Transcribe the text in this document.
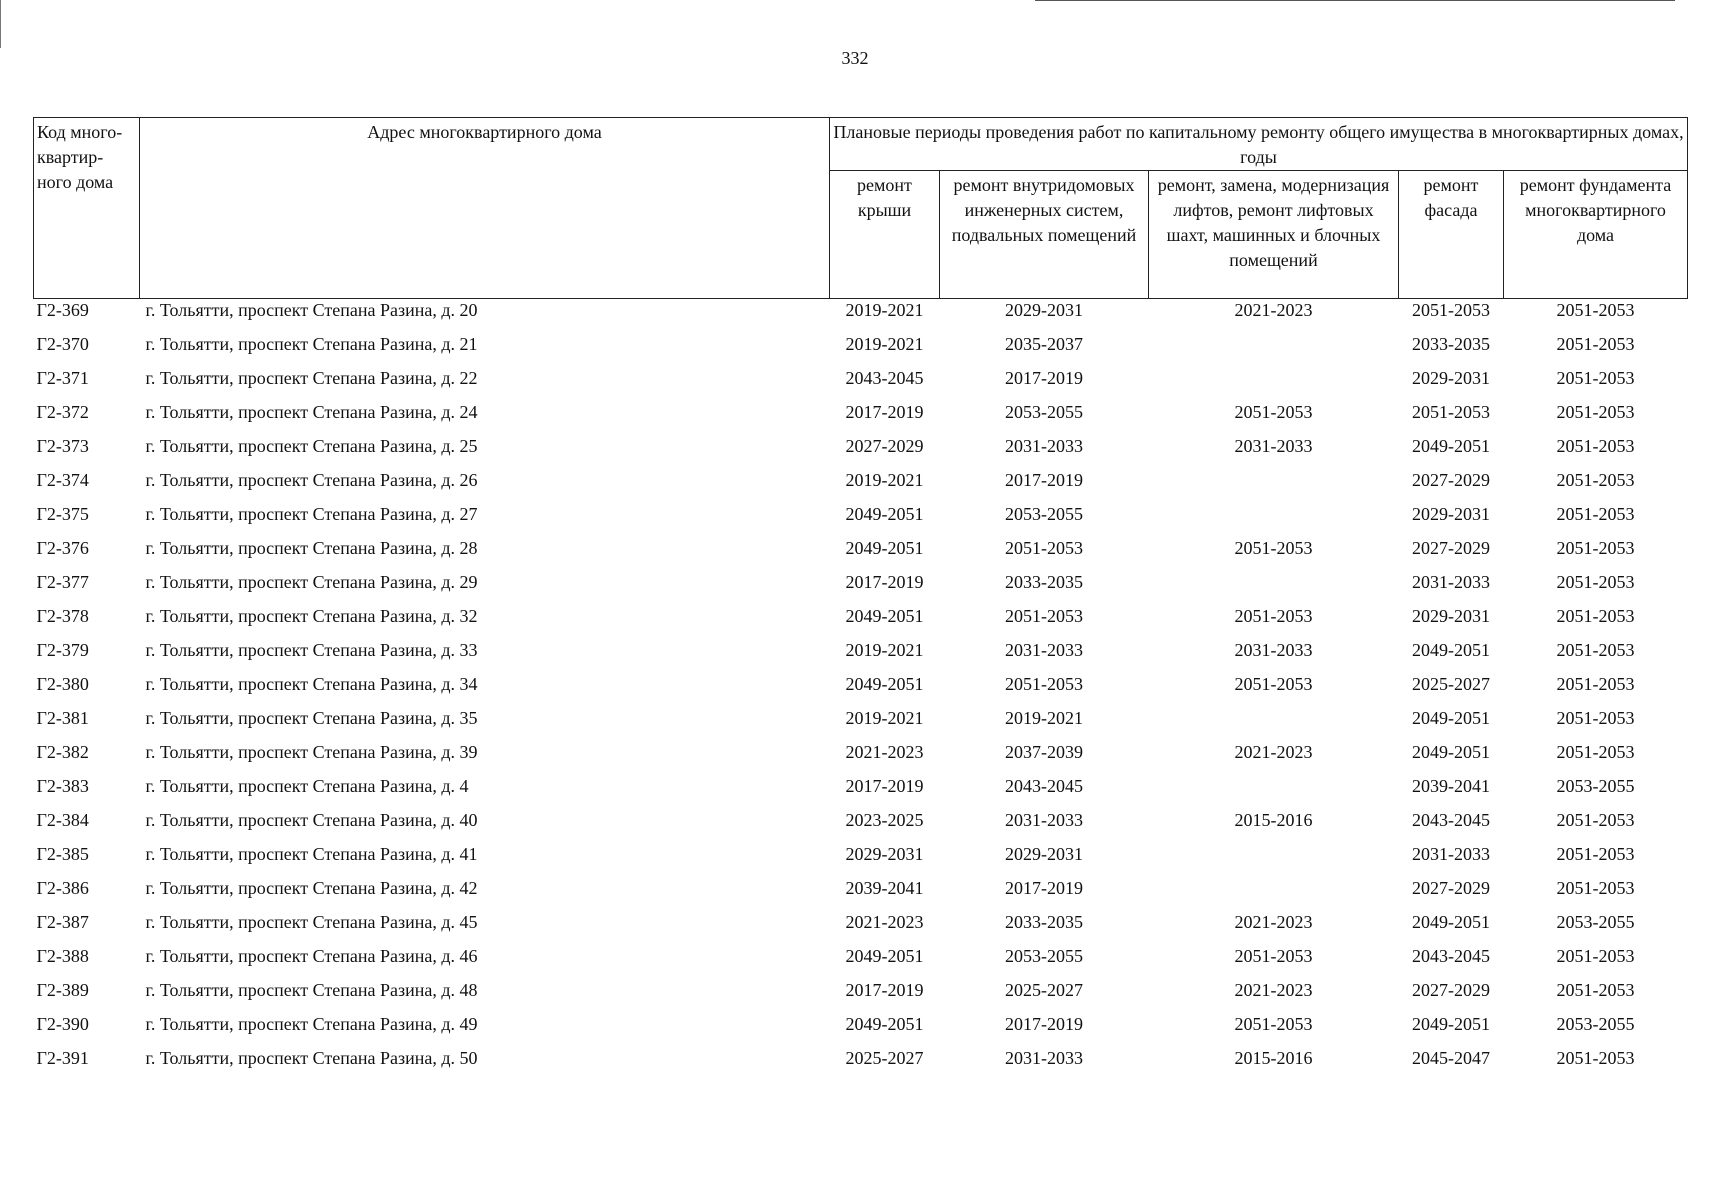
332
Код много-квартир-ного дома	Адрес многоквартирного дома	Плановые периоды проведения работ по капитальному ремонту общего имущества в многоквартирных домах, годы				
		ремонт крыши	ремонт внутридомовых инженерных систем, подвальных помещений	ремонт, замена, модернизация лифтов, ремонт лифтовых шахт, машинных и блочных помещений	ремонт фасада	ремонт фундамента многоквартирного дома
Г2-369	г. Тольятти, проспект Степана Разина, д. 20	2019-2021	2029-2031	2021-2023	2051-2053	2051-2053
Г2-370	г. Тольятти, проспект Степана Разина, д. 21	2019-2021	2035-2037		2033-2035	2051-2053
Г2-371	г. Тольятти, проспект Степана Разина, д. 22	2043-2045	2017-2019		2029-2031	2051-2053
Г2-372	г. Тольятти, проспект Степана Разина, д. 24	2017-2019	2053-2055	2051-2053	2051-2053	2051-2053
Г2-373	г. Тольятти, проспект Степана Разина, д. 25	2027-2029	2031-2033	2031-2033	2049-2051	2051-2053
Г2-374	г. Тольятти, проспект Степана Разина, д. 26	2019-2021	2017-2019		2027-2029	2051-2053
Г2-375	г. Тольятти, проспект Степана Разина, д. 27	2049-2051	2053-2055		2029-2031	2051-2053
Г2-376	г. Тольятти, проспект Степана Разина, д. 28	2049-2051	2051-2053	2051-2053	2027-2029	2051-2053
Г2-377	г. Тольятти, проспект Степана Разина, д. 29	2017-2019	2033-2035		2031-2033	2051-2053
Г2-378	г. Тольятти, проспект Степана Разина, д. 32	2049-2051	2051-2053	2051-2053	2029-2031	2051-2053
Г2-379	г. Тольятти, проспект Степана Разина, д. 33	2019-2021	2031-2033	2031-2033	2049-2051	2051-2053
Г2-380	г. Тольятти, проспект Степана Разина, д. 34	2049-2051	2051-2053	2051-2053	2025-2027	2051-2053
Г2-381	г. Тольятти, проспект Степана Разина, д. 35	2019-2021	2019-2021		2049-2051	2051-2053
Г2-382	г. Тольятти, проспект Степана Разина, д. 39	2021-2023	2037-2039	2021-2023	2049-2051	2051-2053
Г2-383	г. Тольятти, проспект Степана Разина, д. 4	2017-2019	2043-2045		2039-2041	2053-2055
Г2-384	г. Тольятти, проспект Степана Разина, д. 40	2023-2025	2031-2033	2015-2016	2043-2045	2051-2053
Г2-385	г. Тольятти, проспект Степана Разина, д. 41	2029-2031	2029-2031		2031-2033	2051-2053
Г2-386	г. Тольятти, проспект Степана Разина, д. 42	2039-2041	2017-2019		2027-2029	2051-2053
Г2-387	г. Тольятти, проспект Степана Разина, д. 45	2021-2023	2033-2035	2021-2023	2049-2051	2053-2055
Г2-388	г. Тольятти, проспект Степана Разина, д. 46	2049-2051	2053-2055	2051-2053	2043-2045	2051-2053
Г2-389	г. Тольятти, проспект Степана Разина, д. 48	2017-2019	2025-2027	2021-2023	2027-2029	2051-2053
Г2-390	г. Тольятти, проспект Степана Разина, д. 49	2049-2051	2017-2019	2051-2053	2049-2051	2053-2055
Г2-391	г. Тольятти, проспект Степана Разина, д. 50	2025-2027	2031-2033	2015-2016	2045-2047	2051-2053
